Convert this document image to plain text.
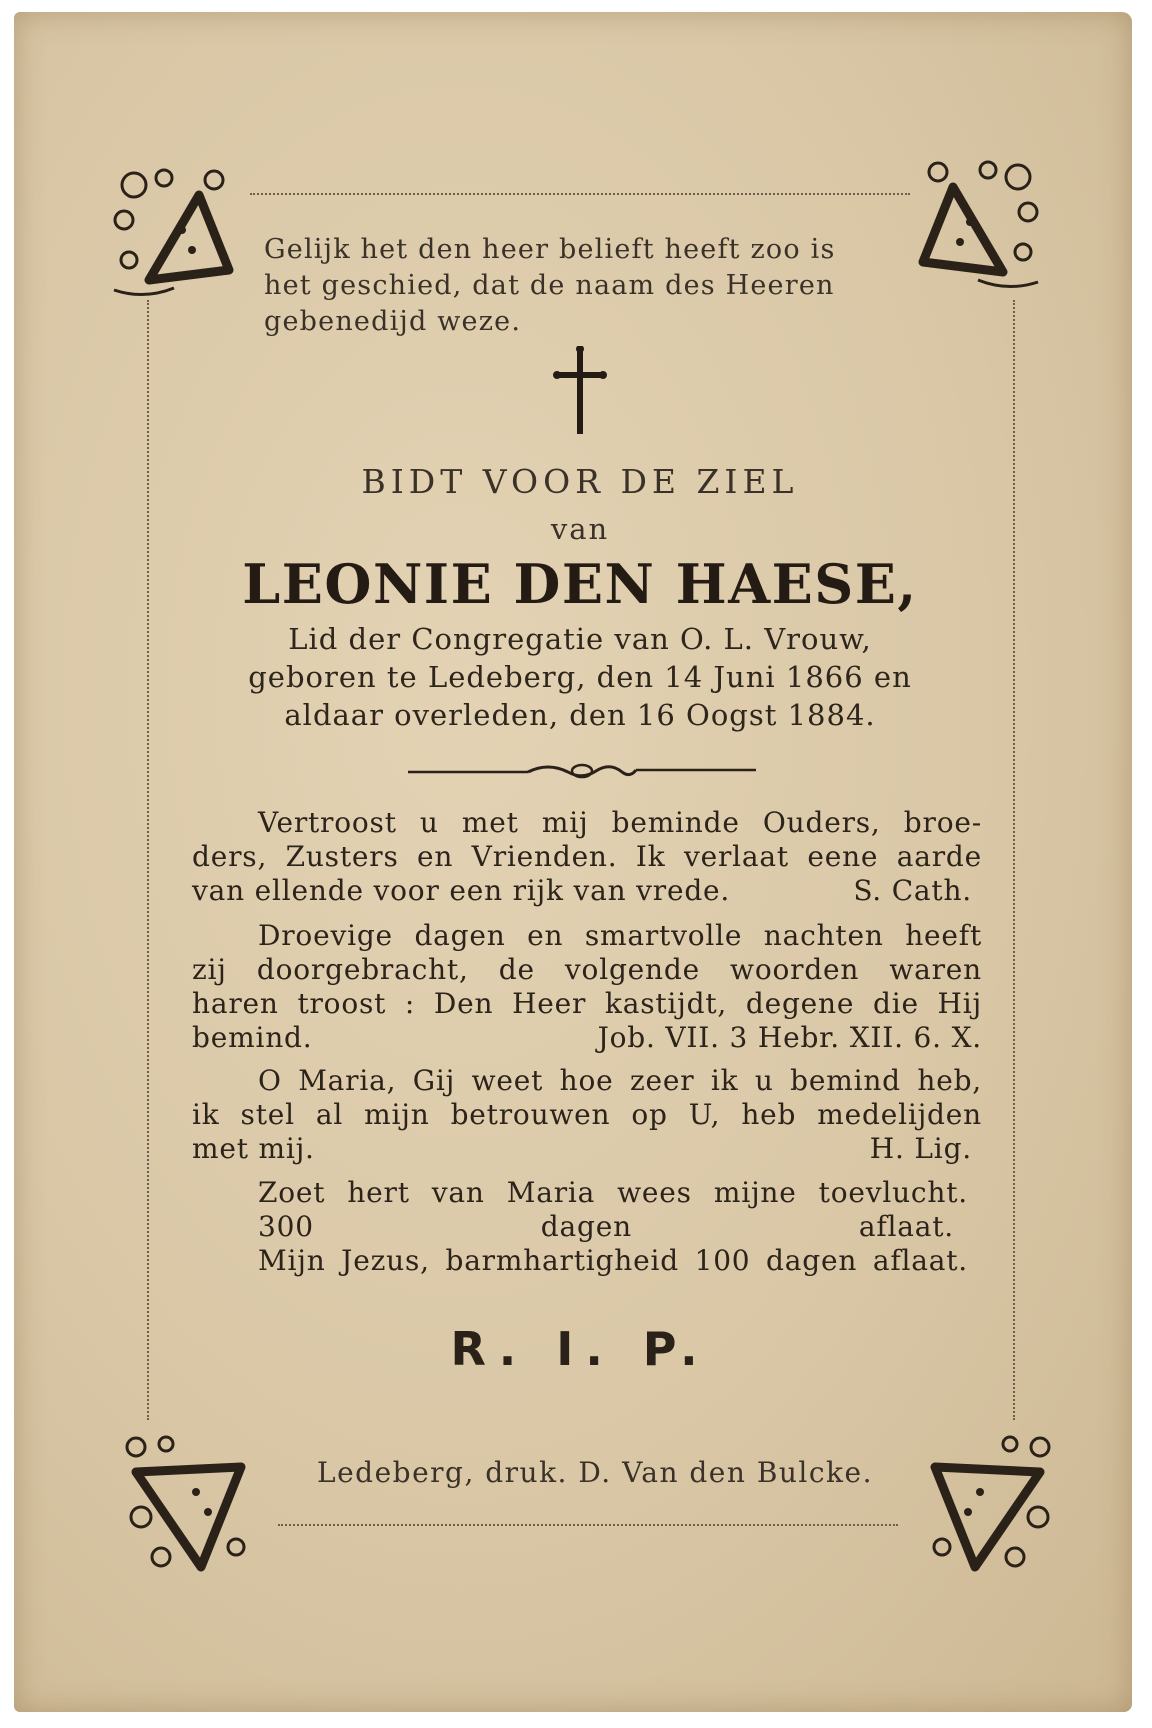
Gelijk het den heer belieft heeft zoo is
het geschied, dat de naam des Heeren
gebenedijd weze.

BIDT VOOR DE ZIEL
van
LEONIE DEN HAESE,
Lid der Congregatie van O. L. Vrouw,
geboren te Ledeberg, den 14 Juni 1866 en
aldaar overleden, den 16 Oogst 1884.
Vertroost u met mij beminde Ouders, broe-
ders, Zusters en Vrienden. Ik verlaat eene aarde
van ellende voor een rijk van vrede.	S. Cath.
Droevige dagen en smartvolle nachten heeft
zij doorgebracht, de volgende woorden waren
haren troost : Den Heer kastijdt, degene die Hij
bemind.	Job. VII. 3 Hebr. XII. 6. X.
O Maria, Gij weet hoe zeer ik u bemind heb,
ik stel al mijn betrouwen op U, heb medelijden
met mij.	H. Lig.
Zoet hert van Maria wees mijne toevlucht.
300 dagen aflaat.
Mijn Jezus, barmhartigheid 100 dagen aflaat.
R. I. P.
Ledeberg, druk. D. Van den Bulcke.
